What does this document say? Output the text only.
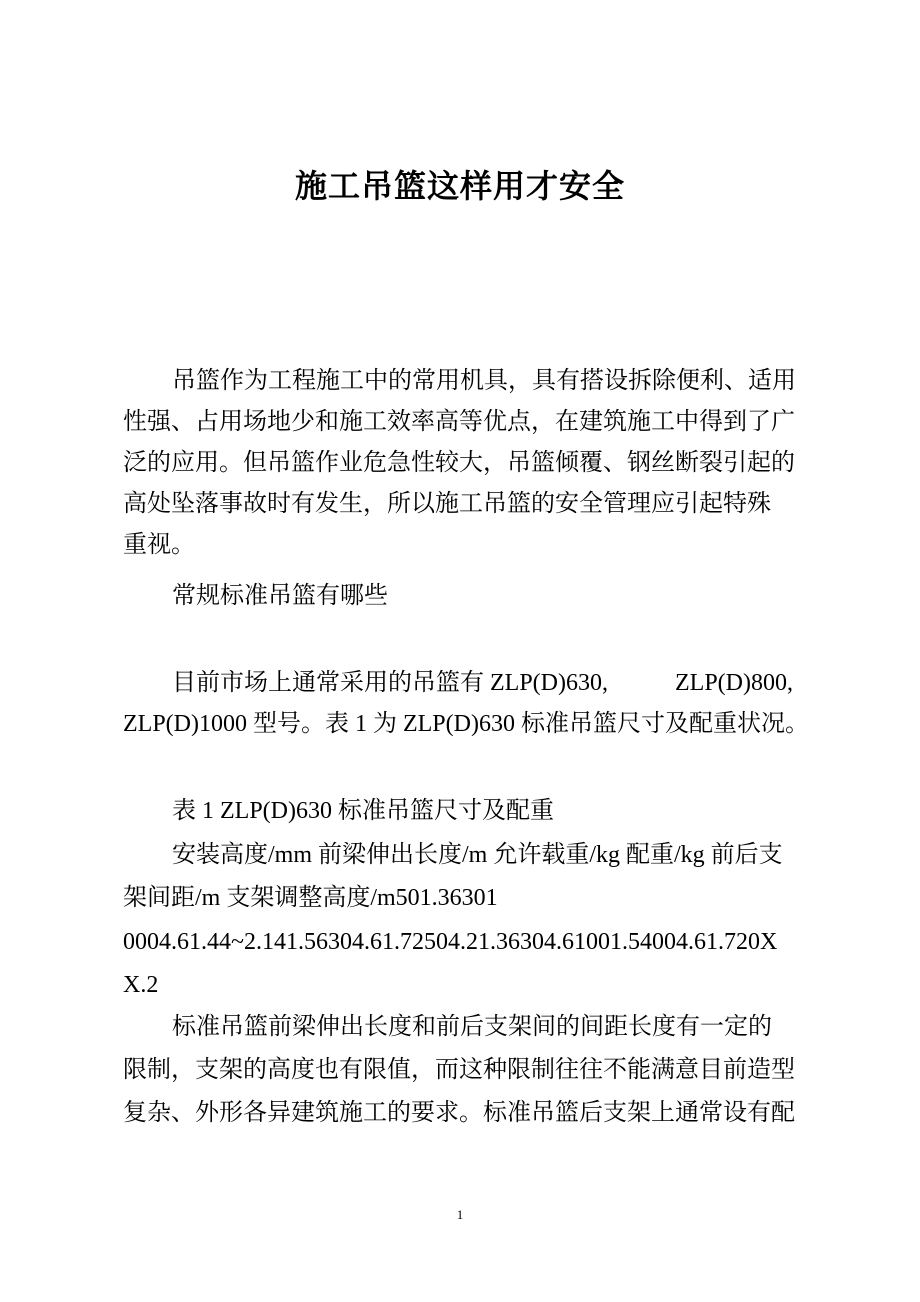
施工吊篮这样用才安全
吊篮作为工程施工中的常用机具，具有搭设拆除便利、适用
性强、占用场地少和施工效率高等优点，在建筑施工中得到了广
泛的应用。但吊篮作业危急性较大，吊篮倾覆、钢丝断裂引起的
高处坠落事故时有发生，所以施工吊篮的安全管理应引起特殊
重视。
常规标准吊篮有哪些
目前市场上通常采用的吊篮有 ZLP(D)630,	ZLP(D)800,
ZLP(D)1000 型号。表 1 为 ZLP(D)630 标准吊篮尺寸及配重状况。
表 1 ZLP(D)630 标准吊篮尺寸及配重
安装高度/mm 前梁伸出长度/m 允许载重/kg 配重/kg 前后支
架间距/m 支架调整高度/m501.36301
0004.61.44~2.141.56304.61.72504.21.36304.61001.54004.61.720X
X.2
标准吊篮前梁伸出长度和前后支架间的间距长度有一定的
限制，支架的高度也有限值，而这种限制往往不能满意目前造型
复杂、外形各异建筑施工的要求。标准吊篮后支架上通常设有配
1
